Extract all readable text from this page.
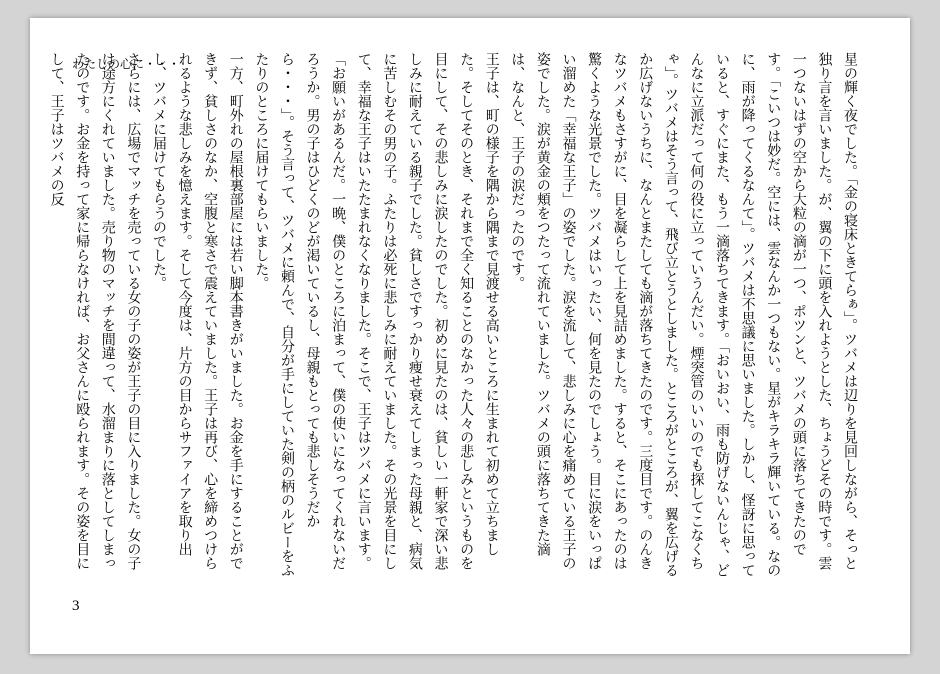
わたしの心に・・・	星の輝く夜でした。「金の寝床ときてらぁ」。ツバメは辺りを見回しながら、そっと独り言を言いました。が、翼の下に頭を入れようとした、ちょうどその時です。雲一つないはずの空から大粒の滴が一つ、ポツンと、ツバメの頭に落ちてきたのです。「こいつは妙だ。空には、雲なんか一つもない。星がキラキラ輝いている。なのに、雨が降ってくるなんて」。ツバメは不思議に思いました。しかし、怪訝に思っていると、すぐにまた、もう一滴落ちてきます。「おいおい、雨も防げないんじゃ、どんなに立派だって何の役に立っていうんだい。煙突管のいいのでも探してこなくちゃ」。ツバメはそう言って、飛び立とうとしました。ところがところが、翼を広げるか広げないうちに、なんとまたしても滴が落ちてきたのです。三度目です。のんきなツバメもさすがに、目を凝らして上を見詰めました。すると、そこにあったのは驚くような光景でした。ツバメはいったい、何を見たのでしょう。目に涙をいっぱい溜めた「幸福な王子」の姿でした。涙を流して、悲しみに心を痛めている王子の姿でした。涙が黄金の頬をつたって流れていました。ツバメの頭に落ちてきた滴は、なんと、王子の涙だったのです。

王子は、町の様子を隅から隅まで見渡せる高いところに生まれて初めて立ちました。そしてそのとき、それまで全く知ることのなかった人々の悲しみというものを目にして、その悲しみに涙したのでした。初めに見たのは、貧しい一軒家で深い悲しみに耐えている親子でした。貧しさですっかり痩せ衰えてしまった母親と、病気に苦しむその男の子。ふたりは必死に悲しみに耐えていました。その光景を目にして、幸福な王子はいたたまれなくなりました。そこで、王子はツバメに言います。「お願いがあるんだ。一晩、僕のところに泊まって、僕の使いになってくれないだろうか。男の子はひどくのどが渇いているし、母親もとっても悲しそうだから・・・」。そう言って、ツバメに頼んで、自分が手にしていた剣の柄のルビーをふたりのところに届けてもらいました。

一方、町外れの屋根裏部屋には若い脚本書きがいました。お金を手にすることができず、貧しさのなか、空腹と寒さで震えていました。王子は再び、心を締めつけられるような悲しみを憶えます。そして今度は、片方の目からサファイアを取り出し、ツバメに届けてもらうのでした。

さらには、広場でマッチを売っている女の子の姿が王子の目に入りました。女の子は途方にくれていました。売り物のマッチを間違って、水溜まりに落としてしまったのです。お金を持って家に帰らなければ、お父さんに殴られます。その姿を目にして、王子はツバメの反

3
